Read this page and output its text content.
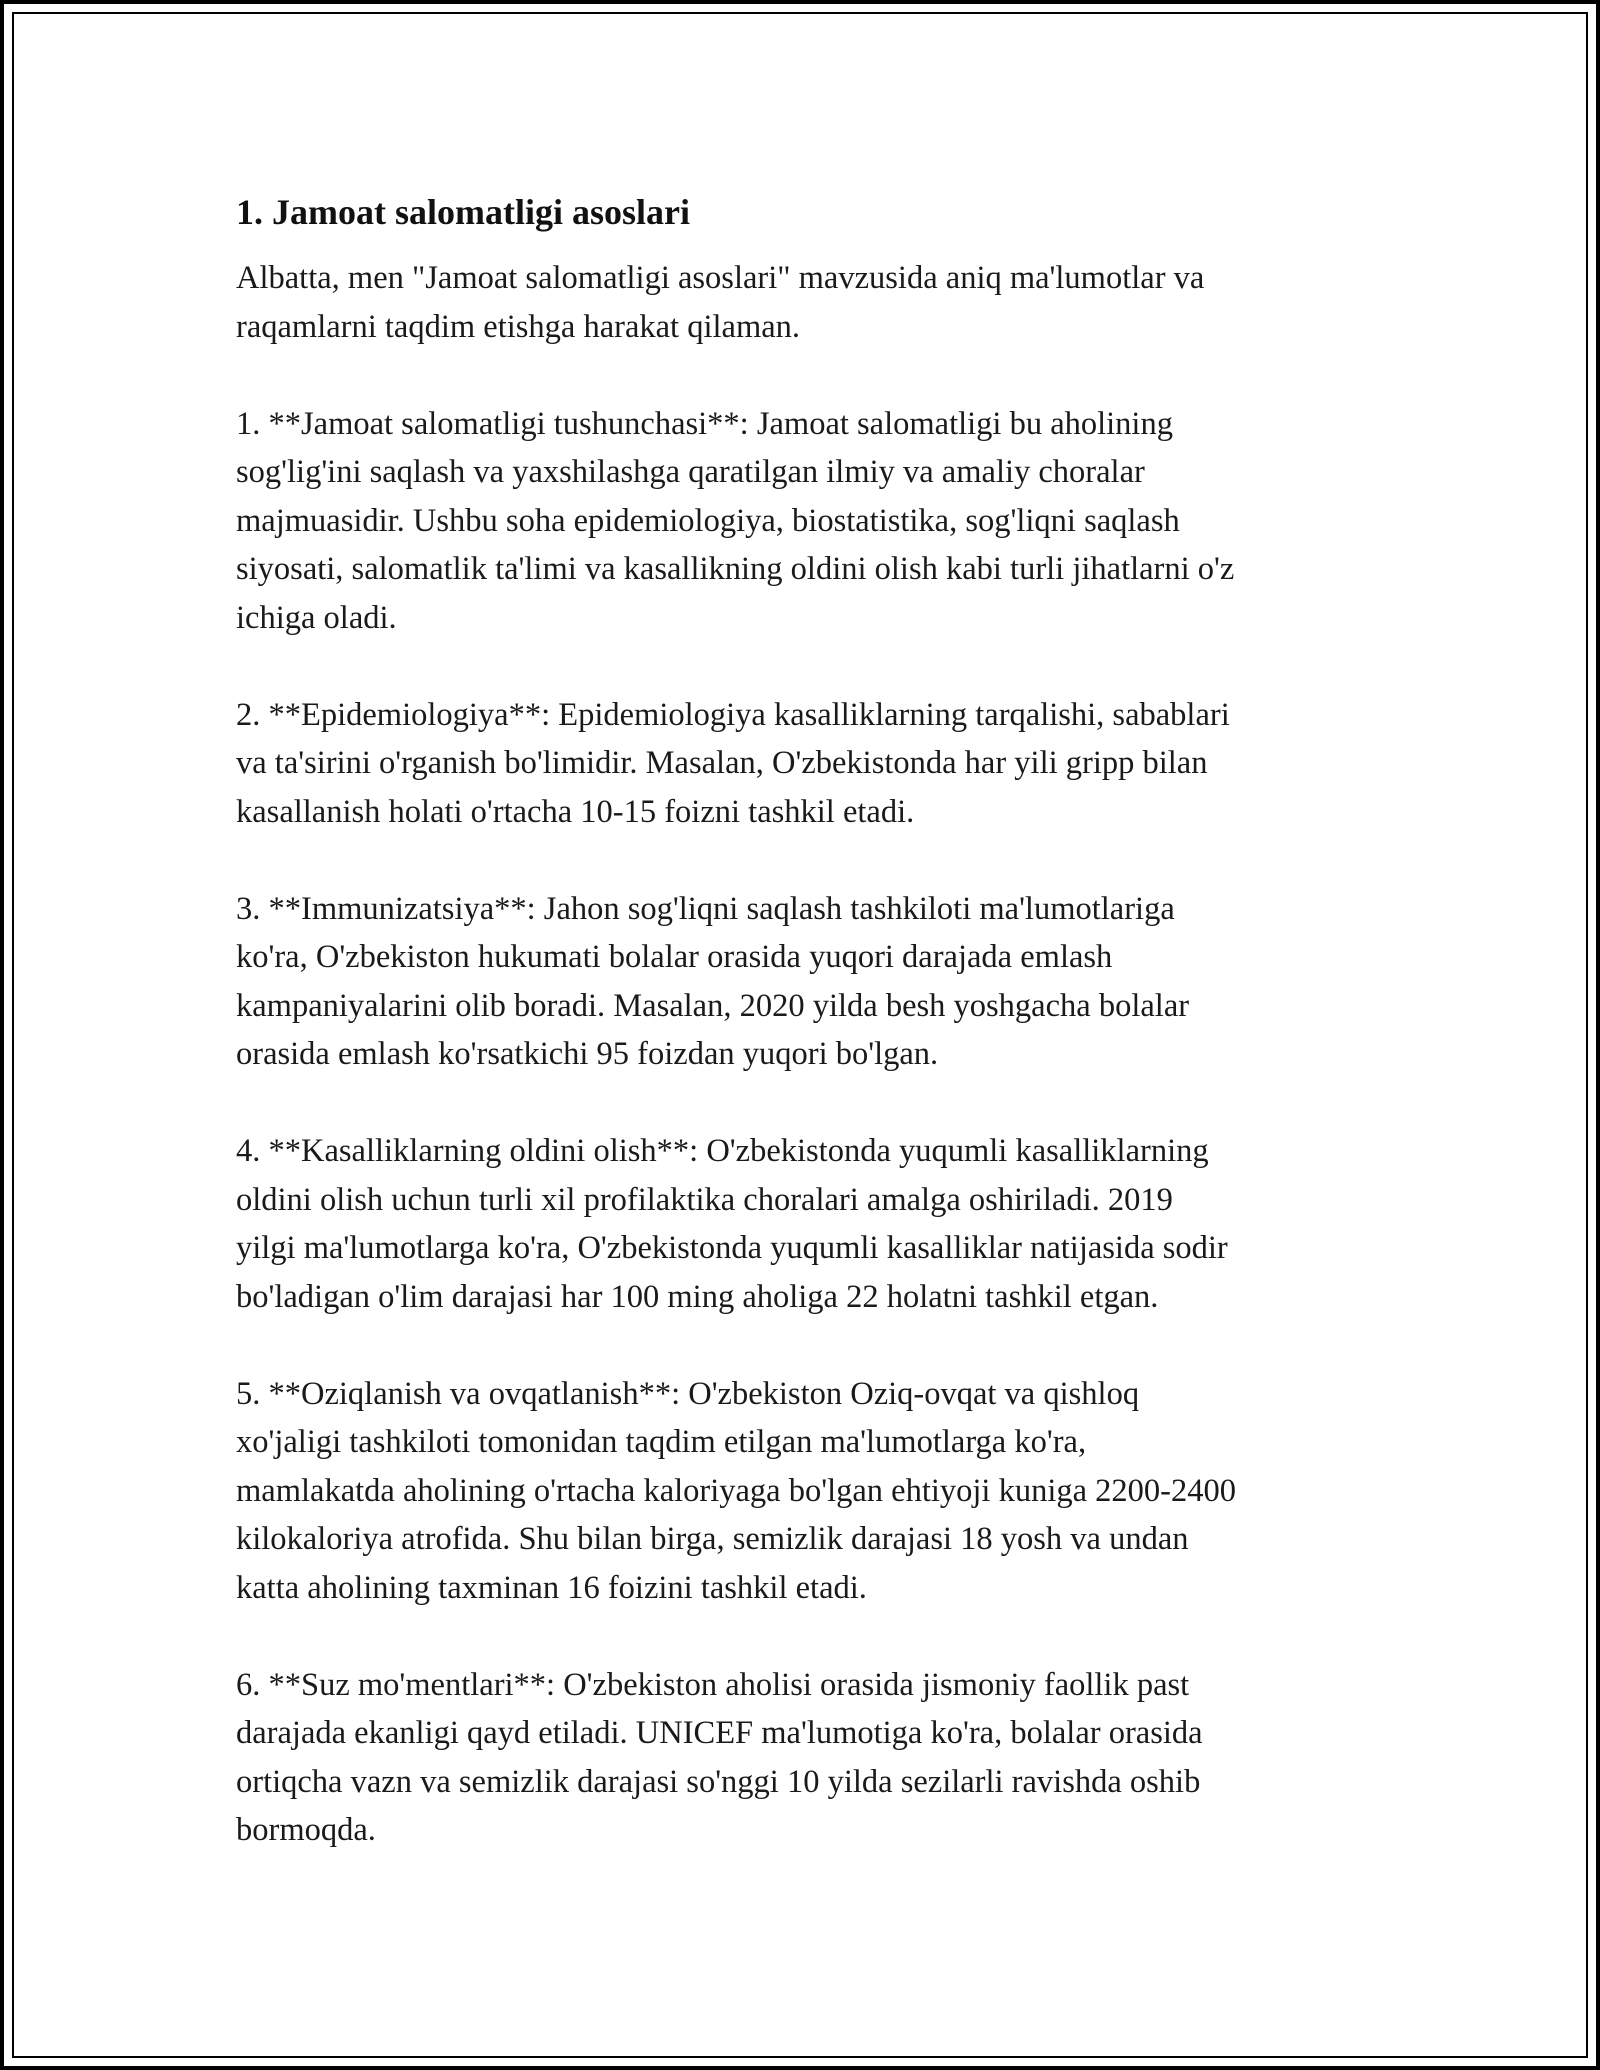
1. Jamoat salomatligi asoslari
Albatta, men "Jamoat salomatligi asoslari" mavzusida aniq ma'lumotlar va
raqamlarni taqdim etishga harakat qilaman.
1. **Jamoat salomatligi tushunchasi**: Jamoat salomatligi bu aholining
sog'lig'ini saqlash va yaxshilashga qaratilgan ilmiy va amaliy choralar
majmuasidir. Ushbu soha epidemiologiya, biostatistika, sog'liqni saqlash
siyosati, salomatlik ta'limi va kasallikning oldini olish kabi turli jihatlarni o'z
ichiga oladi.
2. **Epidemiologiya**: Epidemiologiya kasalliklarning tarqalishi, sabablari
va ta'sirini o'rganish bo'limidir. Masalan, O'zbekistonda har yili gripp bilan
kasallanish holati o'rtacha 10-15 foizni tashkil etadi.
3. **Immunizatsiya**: Jahon sog'liqni saqlash tashkiloti ma'lumotlariga
ko'ra, O'zbekiston hukumati bolalar orasida yuqori darajada emlash
kampaniyalarini olib boradi. Masalan, 2020 yilda besh yoshgacha bolalar
orasida emlash ko'rsatkichi 95 foizdan yuqori bo'lgan.
4. **Kasalliklarning oldini olish**: O'zbekistonda yuqumli kasalliklarning
oldini olish uchun turli xil profilaktika choralari amalga oshiriladi. 2019
yilgi ma'lumotlarga ko'ra, O'zbekistonda yuqumli kasalliklar natijasida sodir
bo'ladigan o'lim darajasi har 100 ming aholiga 22 holatni tashkil etgan.
5. **Oziqlanish va ovqatlanish**: O'zbekiston Oziq-ovqat va qishloq
xo'jaligi tashkiloti tomonidan taqdim etilgan ma'lumotlarga ko'ra,
mamlakatda aholining o'rtacha kaloriyaga bo'lgan ehtiyoji kuniga 2200-2400
kilokaloriya atrofida. Shu bilan birga, semizlik darajasi 18 yosh va undan
katta aholining taxminan 16 foizini tashkil etadi.
6. **Suz mo'mentlari**: O'zbekiston aholisi orasida jismoniy faollik past
darajada ekanligi qayd etiladi. UNICEF ma'lumotiga ko'ra, bolalar orasida
ortiqcha vazn va semizlik darajasi so'nggi 10 yilda sezilarli ravishda oshib
bormoqda.
